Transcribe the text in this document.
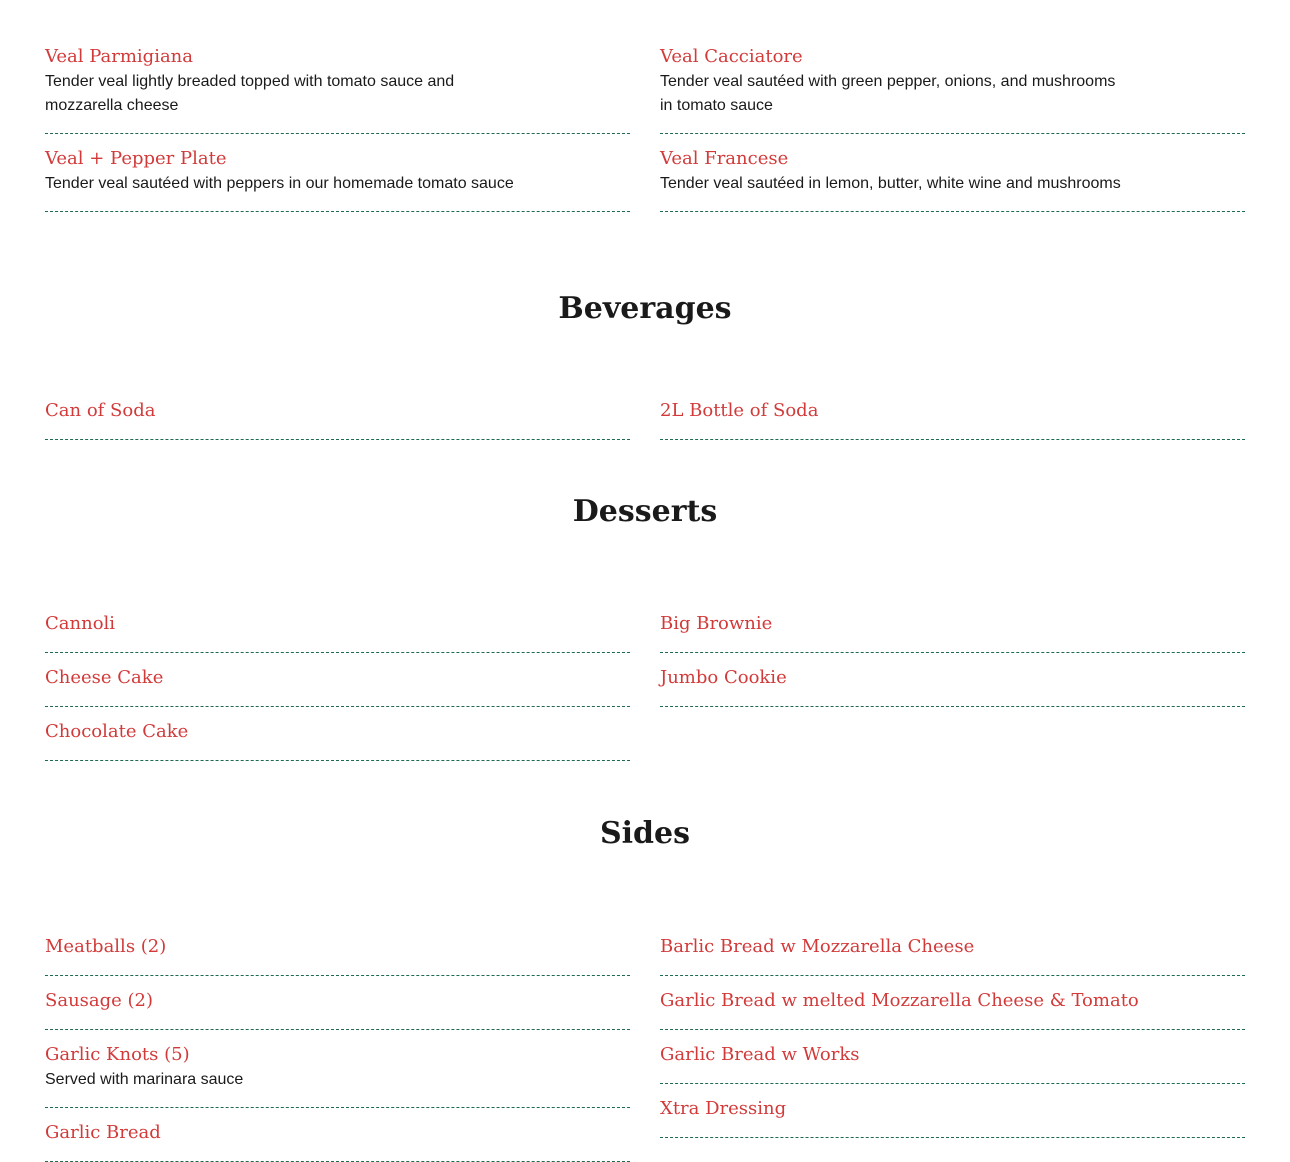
Veal Parmigiana
Tender veal lightly breaded topped with tomato sauce and mozzarella cheese
Veal + Pepper Plate
Tender veal sautéed with peppers in our homemade tomato sauce
Veal Cacciatore
Tender veal sautéed with green pepper, onions, and mushrooms in tomato sauce
Veal Francese
Tender veal sautéed in lemon, butter, white wine and mushrooms
Beverages
Can of Soda	2L Bottle of Soda
Desserts
Cannoli
Cheese Cake
Chocolate Cake
Big Brownie
Jumbo Cookie
Sides
Meatballs (2)
Sausage (2)
Garlic Knots (5)
Served with marinara sauce
Garlic Bread
Barlic Bread w Mozzarella Cheese
Garlic Bread w melted Mozzarella Cheese & Tomato
Garlic Bread w Works
Xtra Dressing
